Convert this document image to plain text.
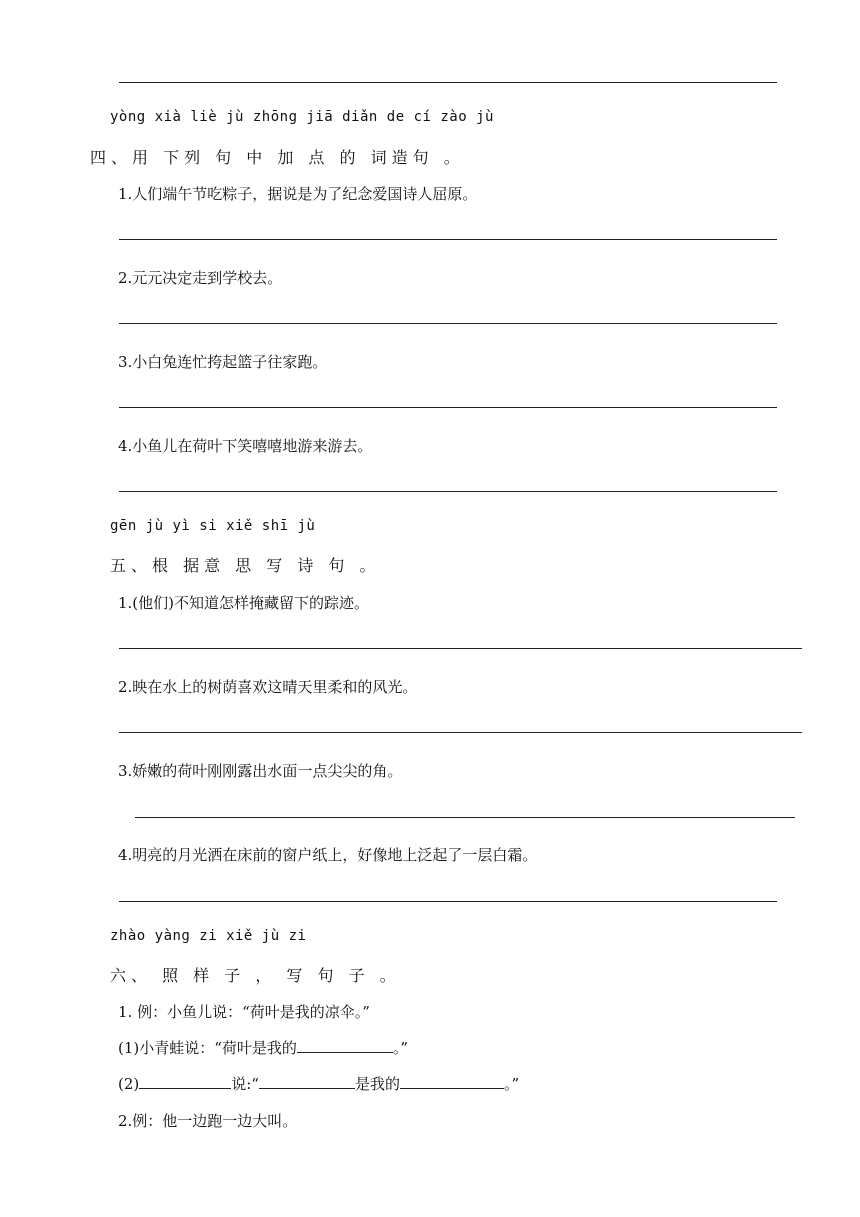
yòng xià liè jù zhōng jiā diǎn de cí zào jù
四、用 下列 句 中 加 点 的 词造句 。
1.人们端午节吃粽子，据说是为了纪念爱国诗人屈原。
2.元元决定走到学校去。
3.小白兔连忙挎起篮子往家跑。
4.小鱼儿在荷叶下笑嘻嘻地游来游去。
gēn jù yì si xiě shī jù
五、根 据意 思 写 诗 句 。
1.(他们)不知道怎样掩藏留下的踪迹。
2.映在水上的树荫喜欢这晴天里柔和的风光。
3.娇嫩的荷叶刚刚露出水面一点尖尖的角。
4.明亮的月光洒在床前的窗户纸上，好像地上泛起了一层白霜。
zhào yàng zi xiě jù zi
六、 照 样 子 ， 写 句 子 。
1. 例：小鱼儿说：“荷叶是我的凉伞。”
(1)小青蛙说：“荷叶是我的	。”
(2)	说:“	是我的	。”
2.例：他一边跑一边大叫。
